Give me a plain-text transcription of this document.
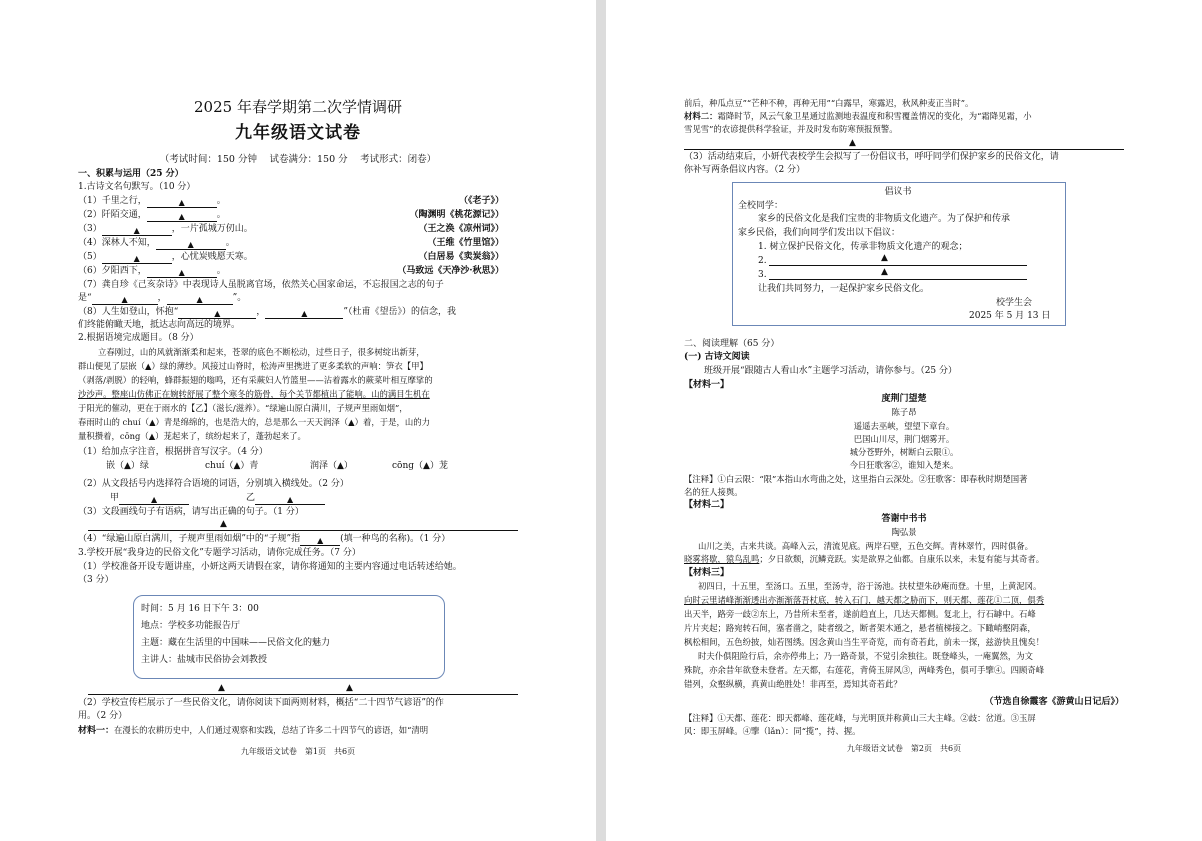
2025 年春学期第二次学情调研
九年级语文试卷
（考试时间：150 分钟　 试卷满分：150 分　 考试形式：闭卷）
一、积累与运用（25 分）
1.古诗文名句默写。（10 分）
（1）千里之行，	▲	。	（《老子》）
（2）阡陌交通，	▲	。	（陶渊明《桃花源记》）
（3）	▲	，一片孤城万仞山。	（王之涣《凉州词》）
（4）深林人不知，	▲	。	（王维《竹里馆》）
（5）	▲	，心忧炭贱愿天寒。	（白居易《卖炭翁》）
（6）夕阳西下，	▲	。	（马致远《天净沙·秋思》）
（7）龚自珍《己亥杂诗》中表现诗人虽脱离官场，依然关心国家命运，不忘报国之志的句子
是“	▲	，	▲	”。
（8）人生如登山，怀抱“	▲	，	▲	”（杜甫《望岳》）的信念，我
们终能俯瞰天地，抵达志向高远的境界。
2.根据语境完成题目。（8 分）
立春刚过，山的风就渐渐柔和起来，苍翠的底色不断松动，过些日子，很多树绽出新芽，
群山便见了层嵌（▲）绿的薄纱。风接过山脊时，松涛声里携进了更多柔软的声响：笋衣【甲】
（剥落/剥脱）的轻响，蜂群振翅的嗡鸣，还有采蕨妇人竹篮里——沾着露水的蕨菜叶相互摩挲的
沙沙声。整座山仿佛正在婉转舒展了整个寒冬的筋骨，每个关节都植出了能响。山的满目生机在
于阳光的催动，更在于雨水的【乙】（滋长/滋养）。“绿遍山原白满川，子规声里雨如烟”，
春雨时山的 chuí（▲）青是绵绵的，也是浩大的，总是那么一天天润泽（▲）着，于是，山的力
量积攒着，cōng（▲）茏起来了，缤纷起来了，蓬勃起来了。
（1）给加点字注音，根据拼音写汉字。（4 分）
嵌（▲）绿	chuí（▲）青	润泽（▲）	cōng（▲）茏
（2）从文段括号内选择符合语境的词语，分别填入横线处。（2 分）
甲	▲	乙	▲
（3）文段画线句子有语病，请写出正确的句子。（1 分）
▲
（4）“绿遍山原白满川，子规声里雨如烟”中的“子规”指 ▲ (填一种鸟的名称)。（1 分）
3.学校开展“我身边的民俗文化”专题学习活动，请你完成任务。（7 分）
（1）学校准备开设专题讲座，小妍这两天请假在家，请你将通知的主要内容通过电话转述给她。
（3 分）
时间：5 月 16 日下午 3：00
地点：学校多功能报告厅
主题：藏在生活里的中国味——民俗文化的魅力
主讲人：盐城市民俗协会刘教授
▲	▲
（2）学校宣传栏展示了一些民俗文化，请你阅读下面两则材料，概括“二十四节气谚语”的作
用。（2 分）
材料一：在漫长的农耕历史中，人们通过观察和实践，总结了许多二十四节气的谚语，如“清明
九年级语文试卷　第1页　共6页
前后，种瓜点豆”“芒种不种，再种无用”“白露早，寒露迟，秋风种麦正当时”。
材料二：霜降时节，风云气象卫星通过监测地表温度和积雪覆盖情况的变化，为“霜降见霜，小
雪见雪”的农谚提供科学验证，并及时发布防寒预报预警。
▲
（3）活动结束后，小妍代表校学生会拟写了一份倡议书，呼吁同学们保护家乡的民俗文化，请
你补写两条倡议内容。（2 分）
倡议书
全校同学：
家乡的民俗文化是我们宝贵的非物质文化遗产。为了保护和传承
家乡民俗，我们向同学们发出以下倡议：
1. 树立保护民俗文化，传承非物质文化遗产的观念；
2.	▲
3.	▲
让我们共同努力，一起保护家乡民俗文化。
校学生会
2025 年 5 月 13 日
二、阅读理解（65 分）
(一) 古诗文阅读
班级开展“跟随古人看山水”主题学习活动，请你参与。（25 分）
【材料一】
度荆门望楚
陈子昂
遥遥去巫峡，望望下章台。
巴国山川尽，荆门烟雾开。
城分苍野外，树断白云限①。
今日狂歌客②，谁知入楚来。
【注释】①白云限：“限”本指山水弯曲之处，这里指白云深处。②狂歌客：即春秋时期楚国著
名的狂人接舆。
【材料二】
答谢中书书
陶弘景
山川之美，古来共谈。高峰入云，清流见底。两岸石壁，五色交辉。青林翠竹，四时俱备。
晓雾将歇，猿鸟乱鸣；夕日欲颓，沉鳞竞跃。实是欲界之仙都。自康乐以来，未复有能与其奇者。
【材料三】
初四日，十五里，至汤口。五里，至汤寺，浴于汤池。扶杖望朱砂庵而登。十里，上黄泥冈。
向时云里诸峰渐渐透出亦渐渐落吾杖底，转入石门，越天都之胁而下，则天都、莲花①二顶，俱秀
出天半，路旁一歧②东上，乃昔所未至者，遂前趋直上，几达天都侧。复北上，行石罅中。石峰
片片夹起；路宛转石间，塞者凿之，陡者级之，断者架木通之，悬者植梯接之。下瞰峭壑阴森，
枫松相间，五色纷披，灿若图绣。因念黄山当生平奇览，而有奇若此，前未一探，兹游快且愧矣！
时夫仆俱阻险行后，余亦停弗上；乃一路奇景，不觉引余独往。既登峰头，一庵翼然，为文
殊院，亦余昔年欲登未登者。左天都，右莲花，背倚玉屏风③，两峰秀色，俱可手擥④。四顾奇峰
错列，众壑纵横，真黄山绝胜处！非再至，焉知其奇若此？
（节选自徐霞客《游黄山日记后》）
【注释】①天都、莲花：即天都峰、莲花峰，与光明顶并称黄山三大主峰。②歧：岔道。③玉屏
风：即玉屏峰。④擥（lǎn）：同“揽”，持、握。
九年级语文试卷　第2页　共6页
